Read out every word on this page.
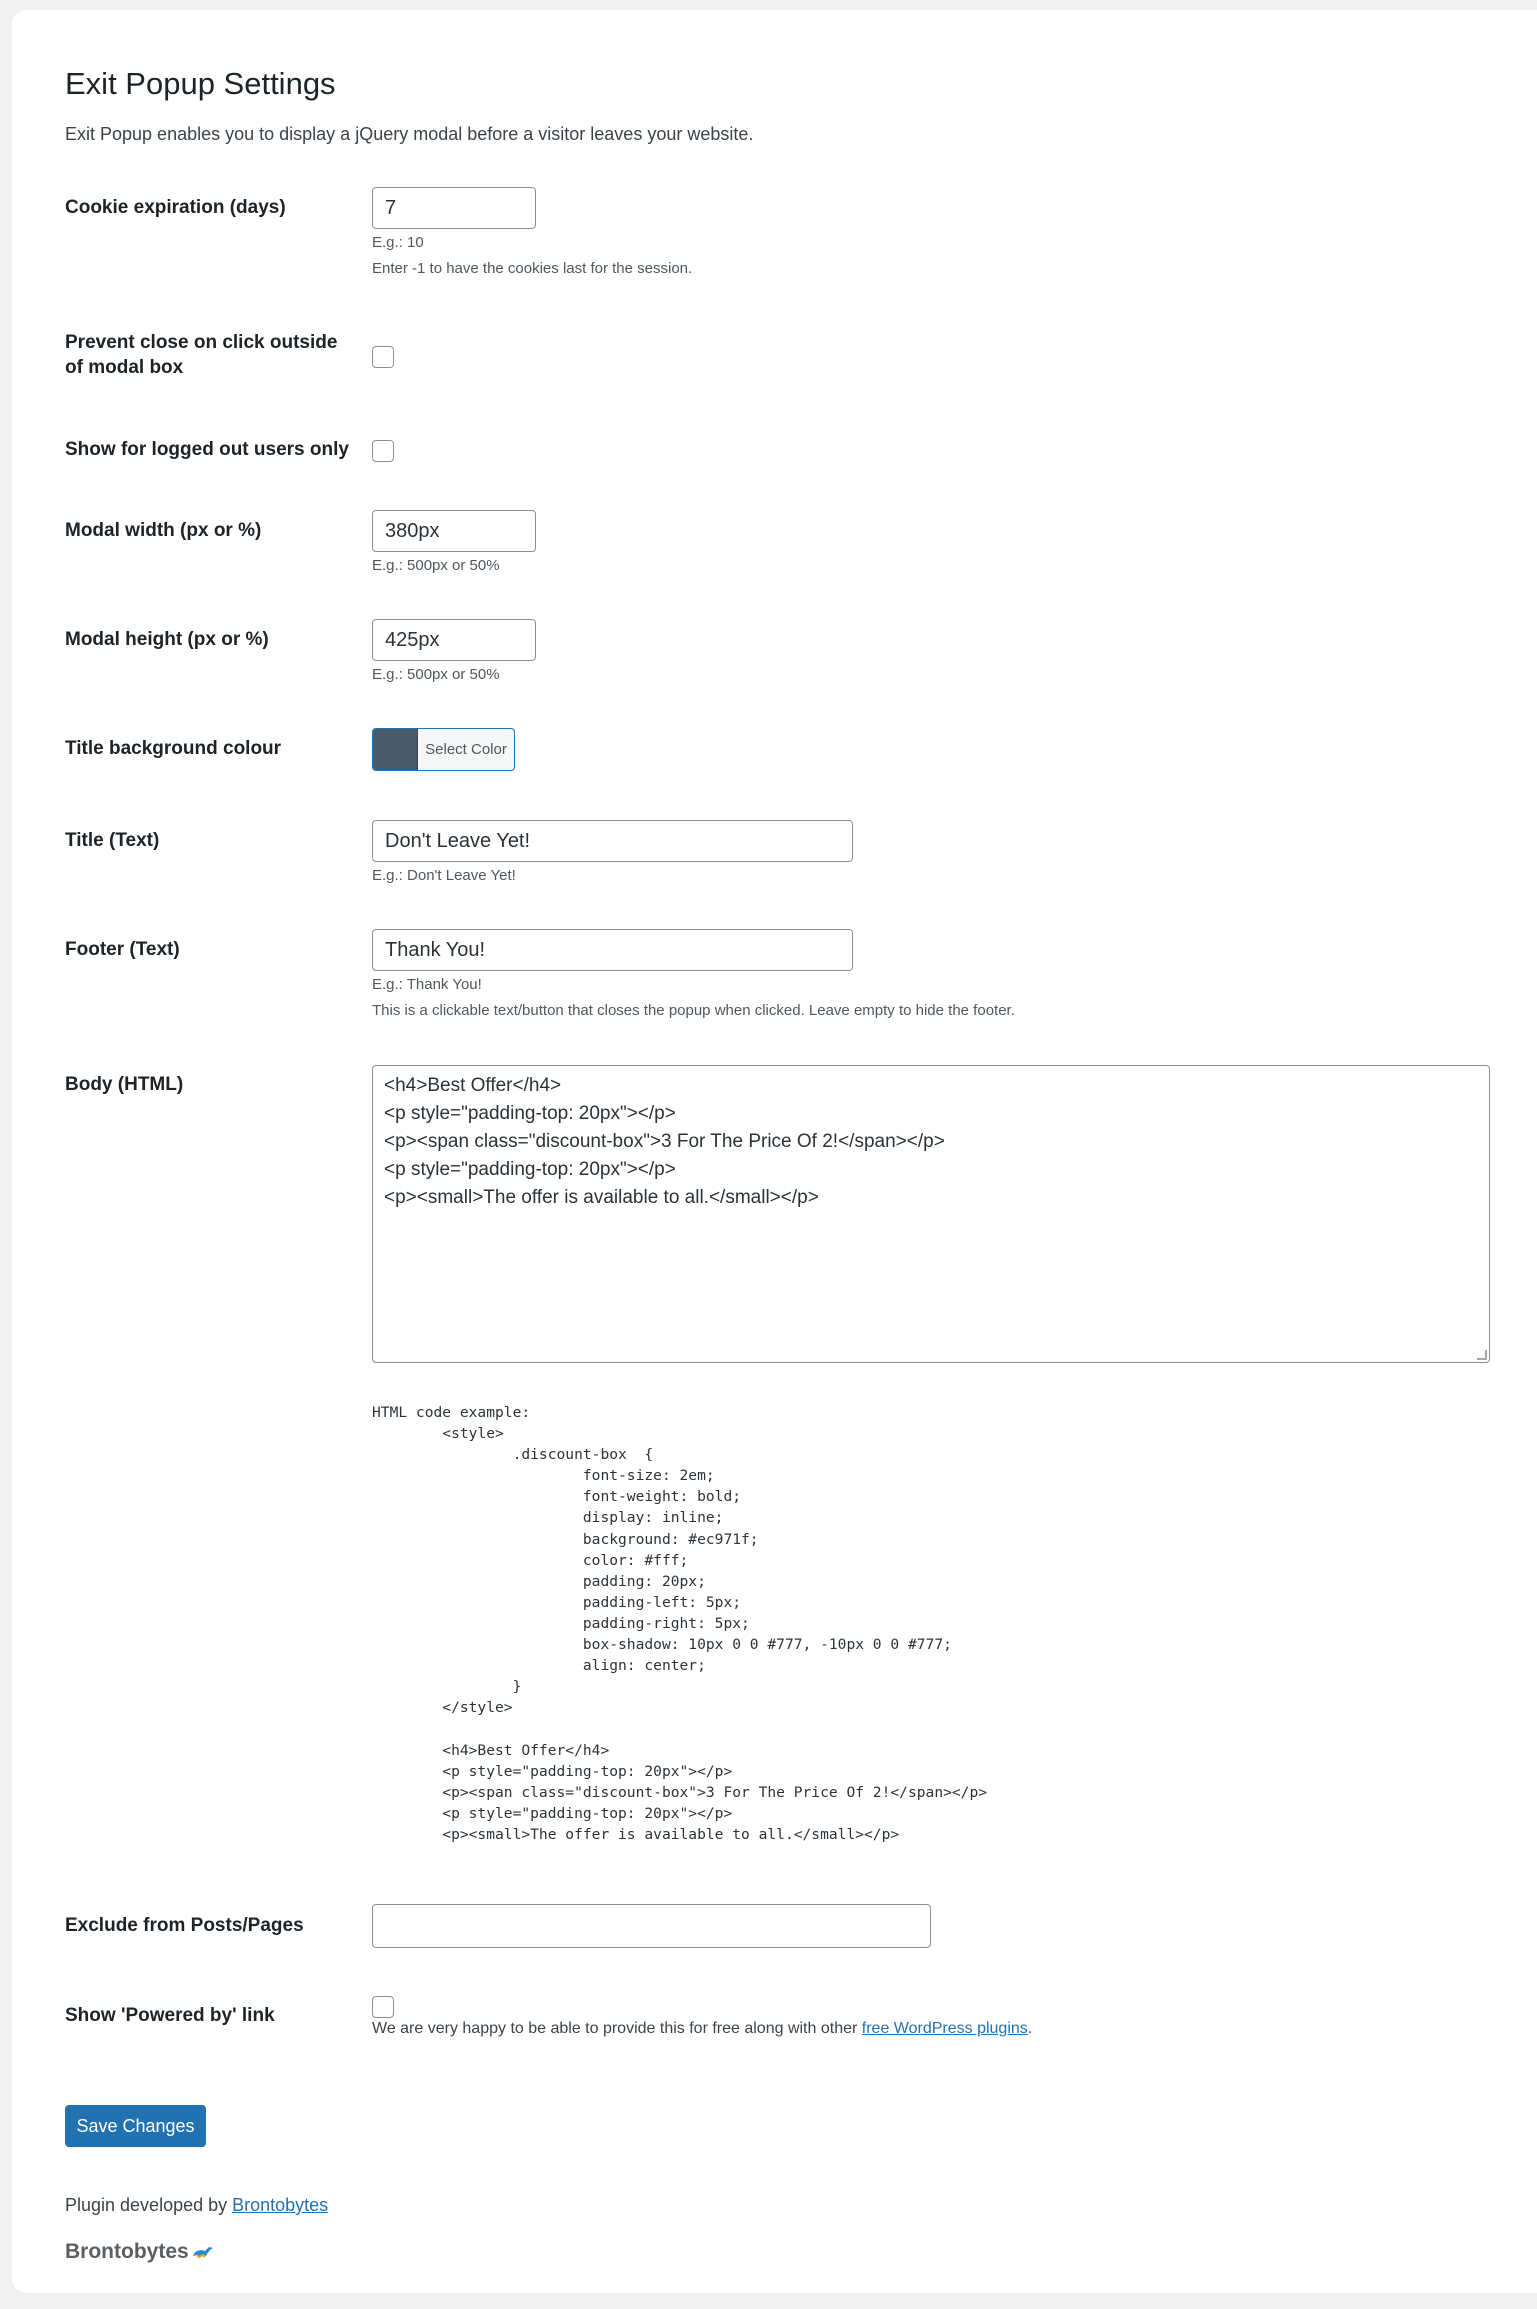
Exit Popup Settings
Exit Popup enables you to display a jQuery modal before a visitor leaves your website.
Cookie expiration (days)	7
E.g.: 10
Enter -1 to have the cookies last for the session.
Prevent close on click outside of modal box
Show for logged out users only
Modal width (px or %)	380px
E.g.: 500px or 50%
Modal height (px or %)	425px
E.g.: 500px or 50%
Title background colour	Select Color
Title (Text)	Don't Leave Yet!
E.g.: Don't Leave Yet!
Footer (Text)	Thank You!
E.g.: Thank You!
This is a clickable text/button that closes the popup when clicked. Leave empty to hide the footer.
Body (HTML)	<h4>Best Offer</h4>
<p style="padding-top: 20px"></p>
<p><span class="discount-box">3 For The Price Of 2!</span></p>
<p style="padding-top: 20px"></p>
<p><small>The offer is available to all.</small></p>
HTML code example:
<style>
.discount-box  {
font-size: 2em;
font-weight: bold;
display: inline;
background: #ec971f;
color: #fff;
padding: 20px;
padding-left: 5px;
padding-right: 5px;
box-shadow: 10px 0 0 #777, -10px 0 0 #777;
align: center;
}
</style>

<h4>Best Offer</h4>
<p style="padding-top: 20px"></p>
<p><span class="discount-box">3 For The Price Of 2!</span></p>
<p style="padding-top: 20px"></p>
<p><small>The offer is available to all.</small></p>
Exclude from Posts/Pages
Show 'Powered by' link
We are very happy to be able to provide this for free along with other free WordPress plugins.
Save Changes
Plugin developed by Brontobytes
Brontobytes
